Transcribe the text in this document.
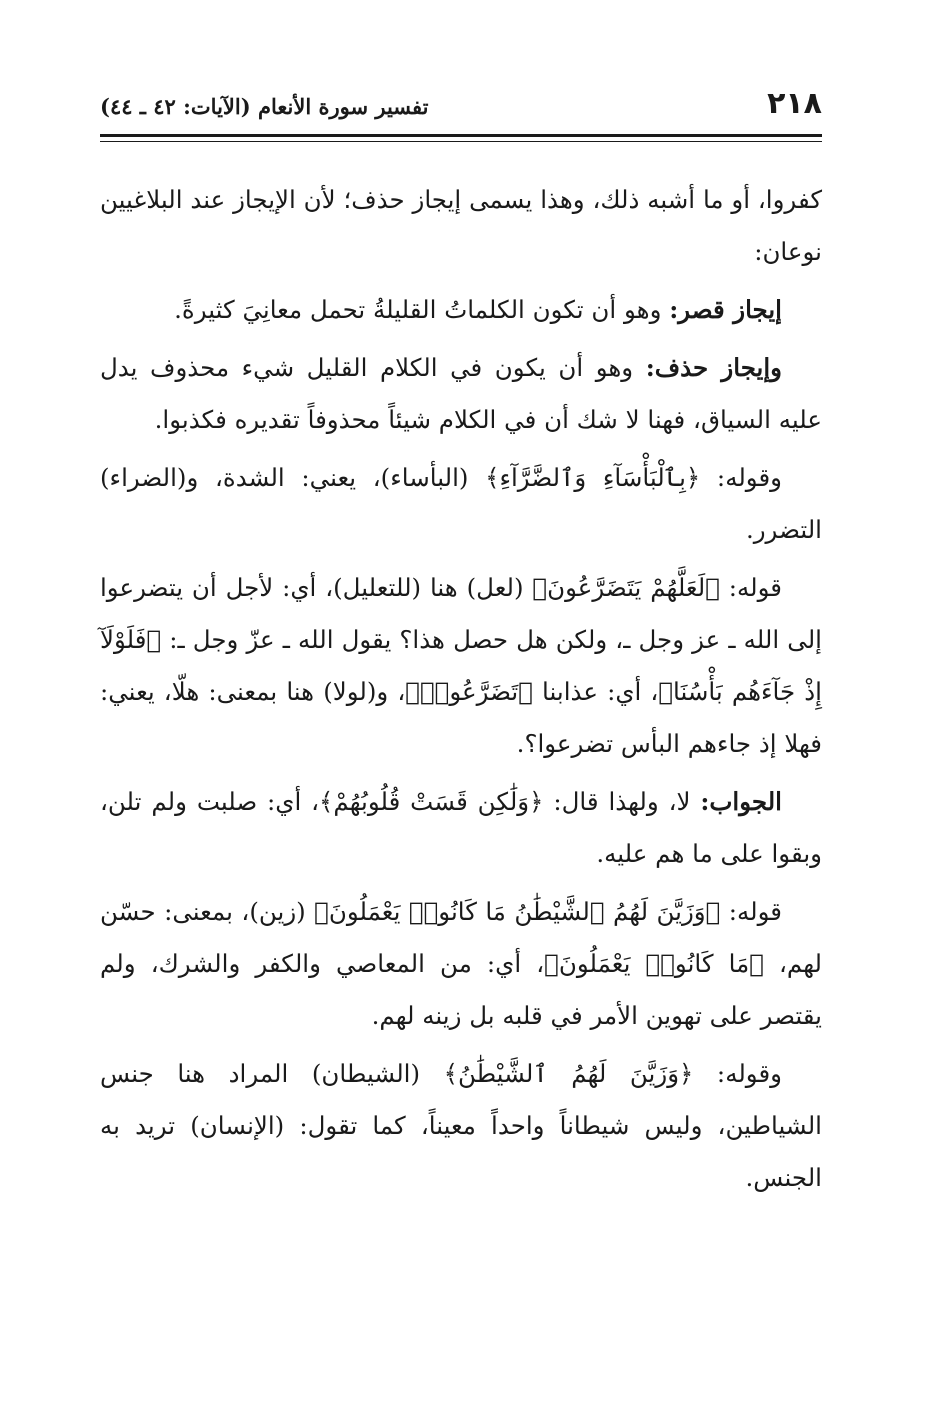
٢١٨
تفسير سورة الأنعام (الآيات: ٤٢ ـ ٤٤)

كفروا، أو ما أشبه ذلك، وهذا يسمى إيجاز حذف؛ لأن الإيجاز عند البلاغيين نوعان:

إيجاز قصر: وهو أن تكون الكلماتُ القليلةُ تحمل معانِيَ كثيرةً.

وإيجاز حذف: وهو أن يكون في الكلام القليل شيء محذوف يدل عليه السياق، فهنا لا شك أن في الكلام شيئاً محذوفاً تقديره فكذبوا.

وقوله: ﴿بِٱلْبَأْسَآءِ وَٱلضَّرَّآءِ﴾ (البأساء)، يعني: الشدة، و(الضراء) التضرر.

قوله: ﴿لَعَلَّهُمْ يَتَضَرَّعُونَ﴾ (لعل) هنا (للتعليل)، أي: لأجل أن يتضرعوا إلى الله ـ عز وجل ـ، ولكن هل حصل هذا؟ يقول الله ـ عزّ وجل ـ: ﴿فَلَوْلَآ إِذْ جَآءَهُم بَأْسُنَا﴾، أي: عذابنا ﴿تَضَرَّعُوا۟﴾، و(لولا) هنا بمعنى: هلّا، يعني: فهلا إذ جاءهم البأس تضرعوا؟.

الجواب: لا، ولهذا قال: ﴿وَلَٰكِن قَسَتْ قُلُوبُهُمْ﴾، أي: صلبت ولم تلن، وبقوا على ما هم عليه.

قوله: ﴿وَزَيَّنَ لَهُمُ ٱلشَّيْطَٰنُ مَا كَانُوا۟ يَعْمَلُونَ﴾ (زين)، بمعنى: حسّن لهم، ﴿مَا كَانُوا۟ يَعْمَلُونَ﴾، أي: من المعاصي والكفر والشرك، ولم يقتصر على تهوين الأمر في قلبه بل زينه لهم.

وقوله: ﴿وَزَيَّنَ لَهُمُ ٱلشَّيْطَٰنُ﴾ (الشيطان) المراد هنا جنس الشياطين، وليس شيطاناً واحداً معيناً، كما تقول: (الإنسان) تريد به الجنس.
